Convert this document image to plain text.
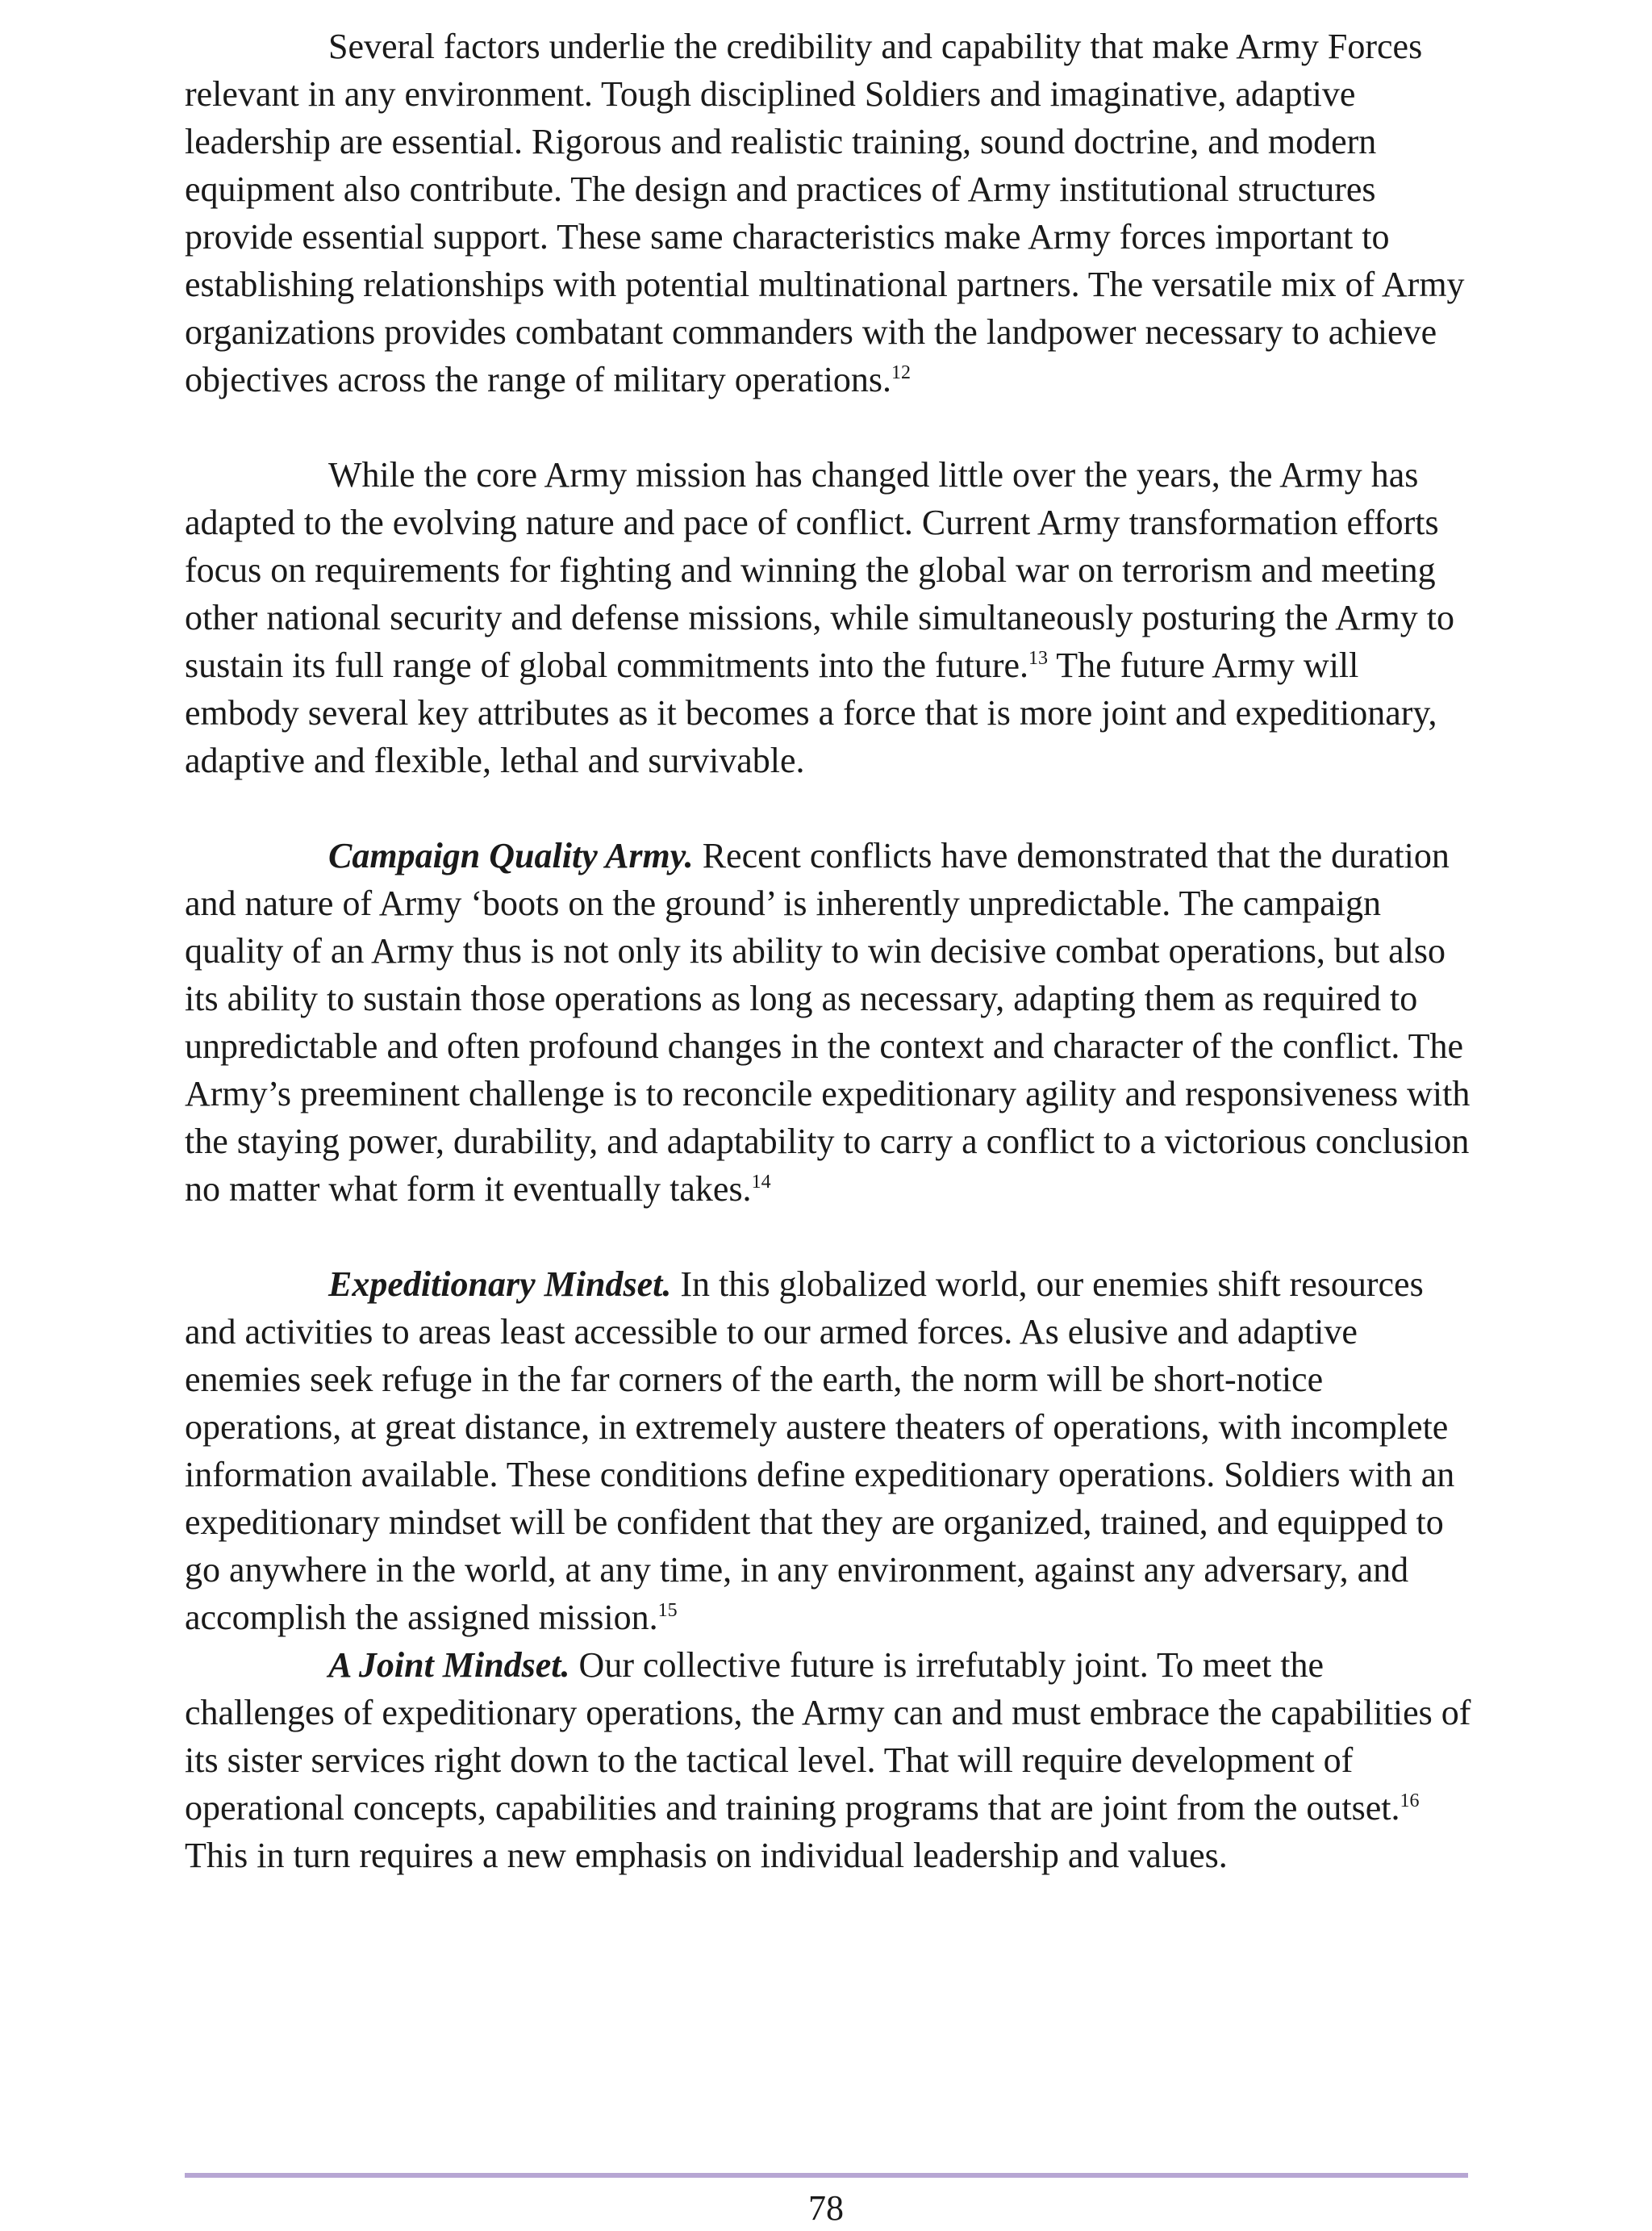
Several factors underlie the credibility and capability that make Army Forces relevant in any environment. Tough disciplined Soldiers and imaginative, adaptive leadership are essential. Rigorous and realistic training, sound doctrine, and modern equipment also contribute. The design and practices of Army institutional structures provide essential support. These same characteristics make Army forces important to establishing relationships with potential multinational partners. The versatile mix of Army organizations provides combatant commanders with the landpower necessary to achieve objectives across the range of military operations.$^{12}$

While the core Army mission has changed little over the years, the Army has adapted to the evolving nature and pace of conflict. Current Army transformation efforts focus on requirements for fighting and winning the global war on terrorism and meeting other national security and defense missions, while simultaneously posturing the Army to sustain its full range of global commitments into the future.$^{13}$ The future Army will embody several key attributes as it becomes a force that is more joint and expeditionary, adaptive and flexible, lethal and survivable.

Campaign Quality Army. Recent conflicts have demonstrated that the duration and nature of Army ‘boots on the ground’ is inherently unpredictable. The campaign quality of an Army thus is not only its ability to win decisive combat operations, but also its ability to sustain those operations as long as necessary, adapting them as required to unpredictable and often profound changes in the context and character of the conflict. The Army’s preeminent challenge is to reconcile expeditionary agility and responsiveness with the staying power, durability, and adaptability to carry a conflict to a victorious conclusion no matter what form it eventually takes.$^{14}$

Expeditionary Mindset. In this globalized world, our enemies shift resources and activities to areas least accessible to our armed forces. As elusive and adaptive enemies seek refuge in the far corners of the earth, the norm will be short-notice operations, at great distance, in extremely austere theaters of operations, with incomplete information available. These conditions define expeditionary operations. Soldiers with an expeditionary mindset will be confident that they are organized, trained, and equipped to go anywhere in the world, at any time, in any environment, against any adversary, and accomplish the assigned mission.$^{15}$

A Joint Mindset. Our collective future is irrefutably joint. To meet the challenges of expeditionary operations, the Army can and must embrace the capabilities of its sister services right down to the tactical level. That will require development of operational concepts, capabilities and training programs that are joint from the outset.$^{16}$ This in turn requires a new emphasis on individual leadership and values.

78
